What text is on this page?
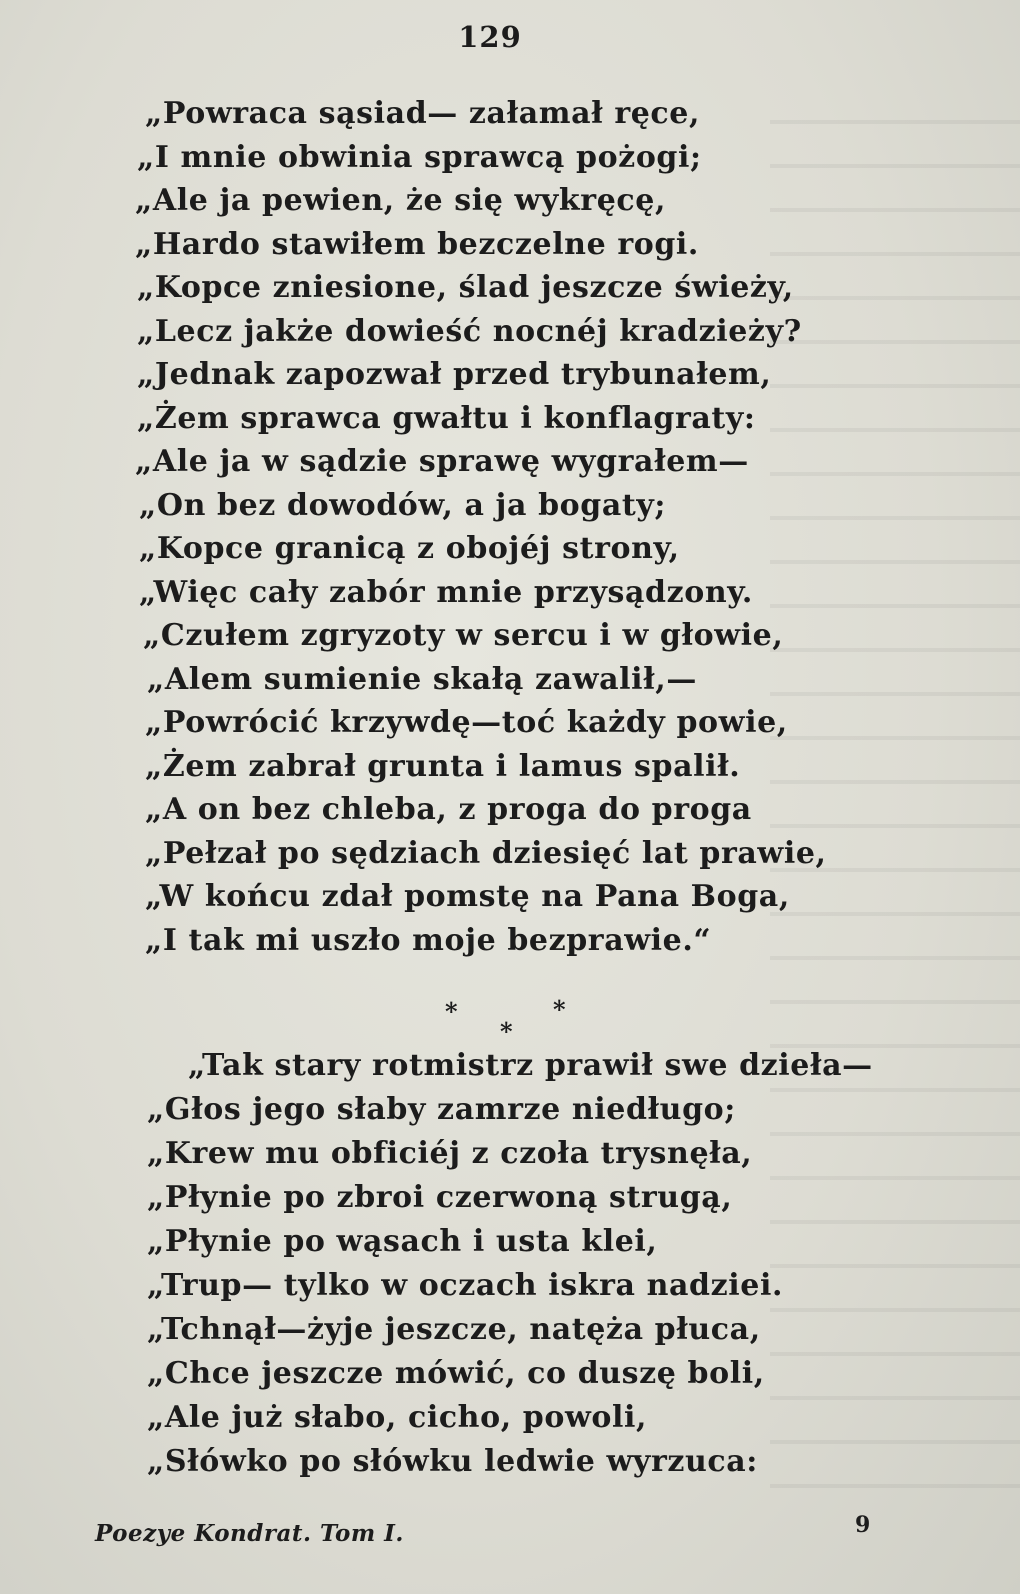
129
„Powraca sąsiad— załamał ręce,
„I mnie obwinia sprawcą pożogi;
„Ale ja pewien, że się wykręcę,
„Hardo stawiłem bezczelne rogi.
„Kopce zniesione, ślad jeszcze świeży,
„Lecz jakże dowieść nocnéj kradzieży?
„Jednak zapozwał przed trybunałem,
„Żem sprawca gwałtu i konflagraty:
„Ale ja w sądzie sprawę wygrałem—
„On bez dowodów, a ja bogaty;
„Kopce granicą z obojéj strony,
„Więc cały zabór mnie przysądzony.
„Czułem zgryzoty w sercu i w głowie,
„Alem sumienie skałą zawalił,—
„Powrócić krzywdę—toć każdy powie,
„Żem zabrał grunta i lamus spalił.
„A on bez chleba, z proga do proga
„Pełzał po sędziach dziesięć lat prawie,
„W końcu zdał pomstę na Pana Boga,
„I tak mi uszło moje bezprawie.“
*	*
*
„Tak stary rotmistrz prawił swe dzieła—
„Głos jego słaby zamrze niedługo;
„Krew mu obficiéj z czoła trysnęła,
„Płynie po zbroi czerwoną strugą,
„Płynie po wąsach i usta klei,
„Trup— tylko w oczach iskra nadziei.
„Tchnął—żyje jeszcze, natęża płuca,
„Chce jeszcze mówić, co duszę boli,
„Ale już słabo, cicho, powoli,
„Słówko po słówku ledwie wyrzuca:
Poezye Kondrat. Tom I.	9
